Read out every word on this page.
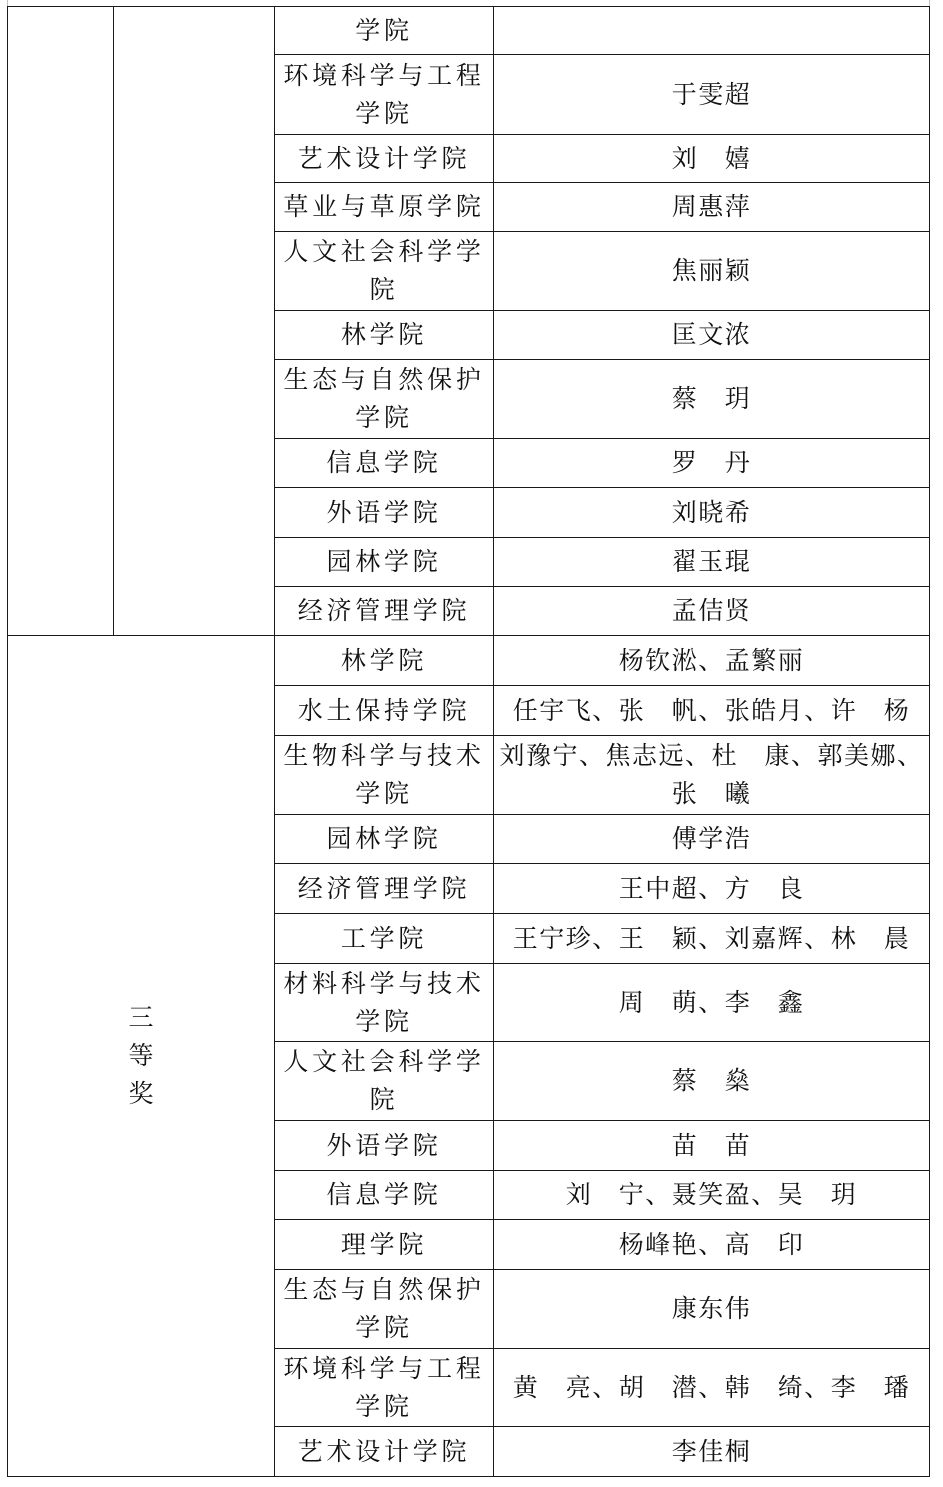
		学院	
		环境科学与工程学院	于雯超
		艺术设计学院	刘　嬉
		草业与草原学院	周惠萍
		人文社会科学学院	焦丽颖
		林学院	匡文浓
		生态与自然保护学院	蔡　玥
		信息学院	罗　丹
		外语学院	刘晓希
		园林学院	翟玉琨
		经济管理学院	孟佶贤
三等奖		林学院	杨钦淞、孟繁丽
		水土保持学院	任宇飞、张　帆、张皓月、许　杨
		生物科学与技术学院	刘豫宁、焦志远、杜　康、郭美娜、张　曦
		园林学院	傅学浩
		经济管理学院	王中超、方　良
		工学院	王宁珍、王　颖、刘嘉辉、林　晨
		材料科学与技术学院	周　萌、李　鑫
		人文社会科学学院	蔡　燊
		外语学院	苗　苗
		信息学院	刘　宁、聂笑盈、吴　玥
		理学院	杨峰艳、高　印
		生态与自然保护学院	康东伟
		环境科学与工程学院	黄　亮、胡　潜、韩　绮、李　璠
		艺术设计学院	李佳桐
